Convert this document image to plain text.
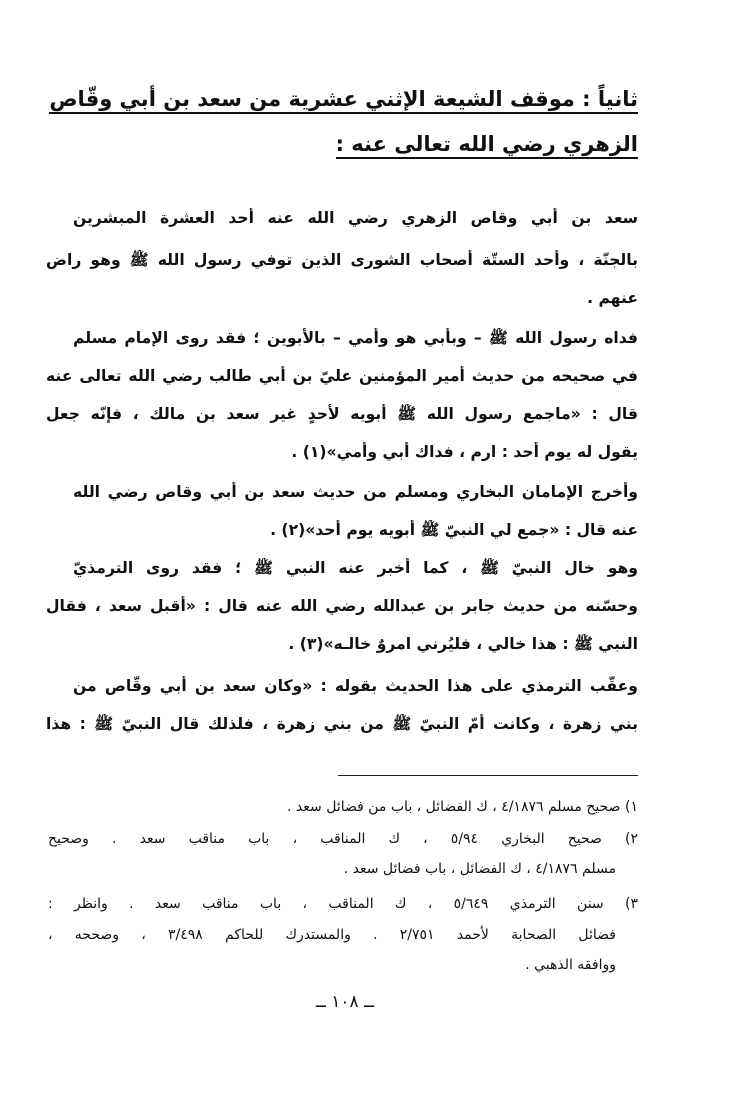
ثانياً : موقف الشيعة الإثني عشرية من سعد بن أبي وقّاص
الزهري رضي الله تعالى عنه :
سعد بن أبي وقاص الزهري رضي الله عنه أحد العشرة المبشرين
بالجنّة ، وأحد الستّة أصحاب الشورى الذين توفي رسول الله ﷺ وهو راضٍ
عنهم .
فداه رسول الله ﷺ – وبأبي هو وأمي – بالأبوين ؛ فقد روى الإمام مسلم
في صحيحه من حديث أمير المؤمنين عليّ بن أبي طالب رضي الله تعالى عنه
قال : «ماجمع رسول الله ﷺ أبويه لأحدٍ غير سعد بن مالك ، فإنّه جعل
يقول له يوم أحد : ارمِ ، فداك أبي وأمي»(١) .
وأخرج الإمامان البخاري ومسلم من حديث سعد بن أبي وقاص رضي الله
عنه قال : «جمع لي النبيّ ﷺ أبويه يوم أحد»(٢) .
وهو خال النبيّ ﷺ ، كما أخبر عنه النبي ﷺ ؛ فقد روى الترمذيّ
وحسّنه من حديث جابر بن عبدالله رضي الله عنه قال : «أقبل سعد ، فقال
النبي ﷺ : هذا خالي ، فليُرني امروٌ خالـه»(٣) .
وعقّب الترمذي على هذا الحديث بقوله : «وكان سعد بن أبي وقّاص من
بني زهرة ، وكانت أمّ النبيّ ﷺ من بني زهرة ، فلذلك قال النبيّ ﷺ : هذا
١) صحيح مسلم ٤/١٨٧٦ ، ك الفضائل ، باب من فضائل سعد .
٢) صحيح البخاري ٥/٩٤ ، ك المناقب ، باب مناقب سعد . وصحيح
مسلم ٤/١٨٧٦ ، ك الفضائل ، باب فضائل سعد .
٣) سنن الترمذي ٥/٦٤٩ ، ك المناقب ، باب مناقب سعد . وانظر :
فضائل الصحابة لأحمد ٢/٧٥١ . والمستدرك للحاكم ٣/٤٩٨ ، وصححه ،
ووافقه الذهبي .
ــ ١٠٨ ــ
